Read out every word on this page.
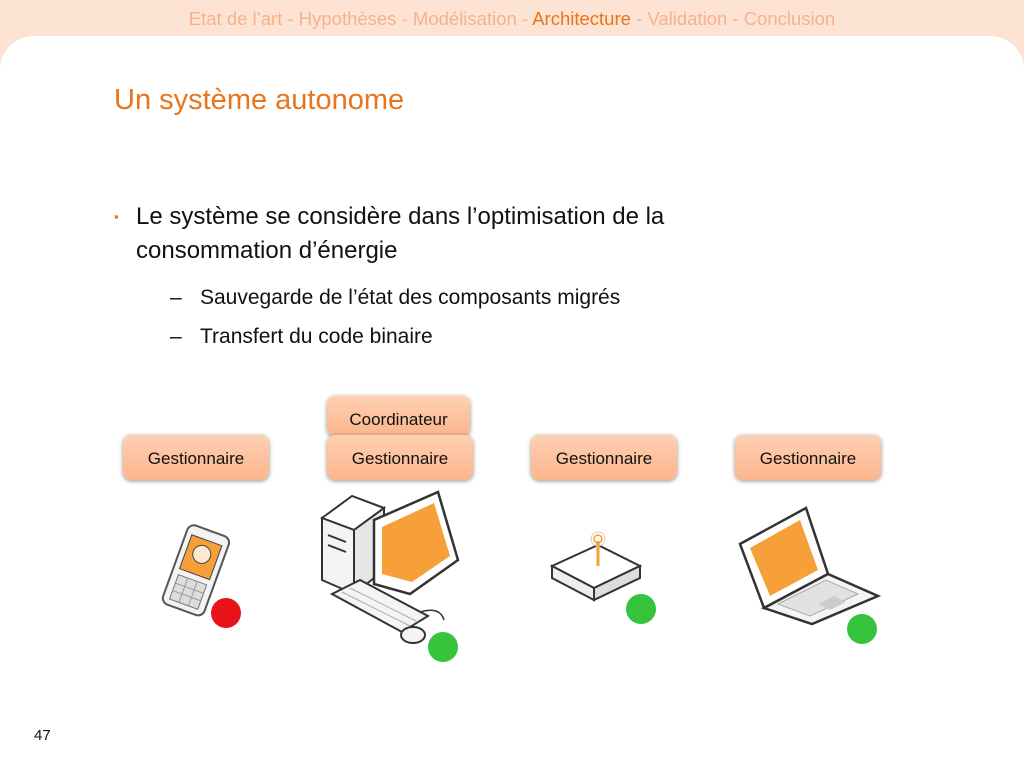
Etat de l’art - Hypothèses - Modélisation - Architecture - Validation - Conclusion
Un système autonome
▪ Le système se considère dans l’optimisation de la consommation d’énergie
– Sauvegarde de l’état des composants migrés
– Transfert du code binaire
Coordinateur
Gestionnaire	Gestionnaire	Gestionnaire	Gestionnaire
47
